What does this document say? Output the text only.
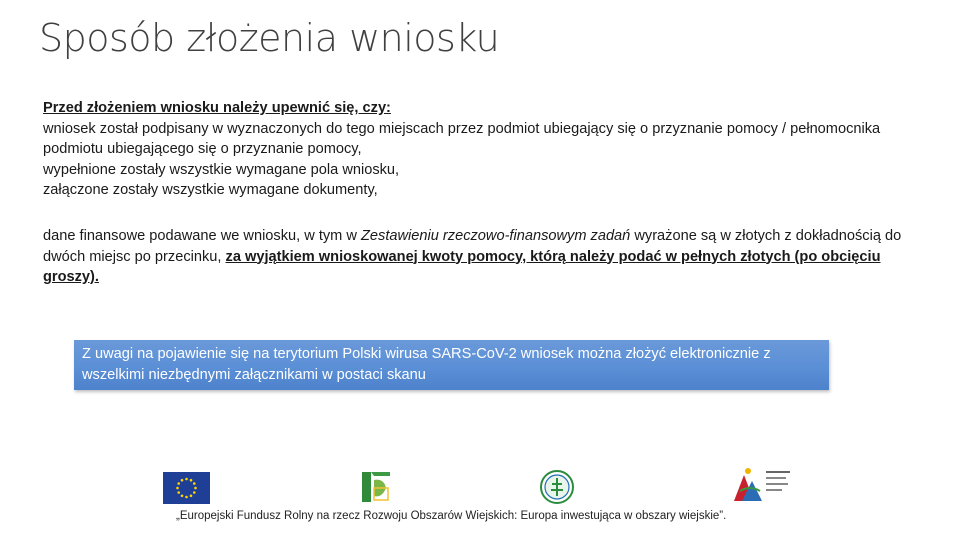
Sposób złożenia wniosku
Przed złożeniem wniosku należy upewnić się, czy:
wniosek został podpisany w wyznaczonych do tego miejscach przez podmiot ubiegający się o przyznanie pomocy / pełnomocnika podmiotu ubiegającego się o przyznanie pomocy,
wypełnione zostały wszystkie wymagane pola wniosku,
załączone zostały wszystkie wymagane dokumenty,
dane finansowe podawane we wniosku, w tym w Zestawieniu rzeczowo-finansowym zadań wyrażone są w złotych z dokładnością do dwóch miejsc po przecinku, za wyjątkiem wnioskowanej kwoty pomocy, którą należy podać w pełnych złotych (po obcięciu groszy).
Z uwagi na pojawienie się na terytorium Polski wirusa SARS-CoV-2 wniosek można złożyć elektronicznie z wszelkimi niezbędnymi załącznikami w postaci skanu
„Europejski Fundusz Rolny na rzecz Rozwoju Obszarów Wiejskich: Europa inwestująca w obszary wiejskie”.
